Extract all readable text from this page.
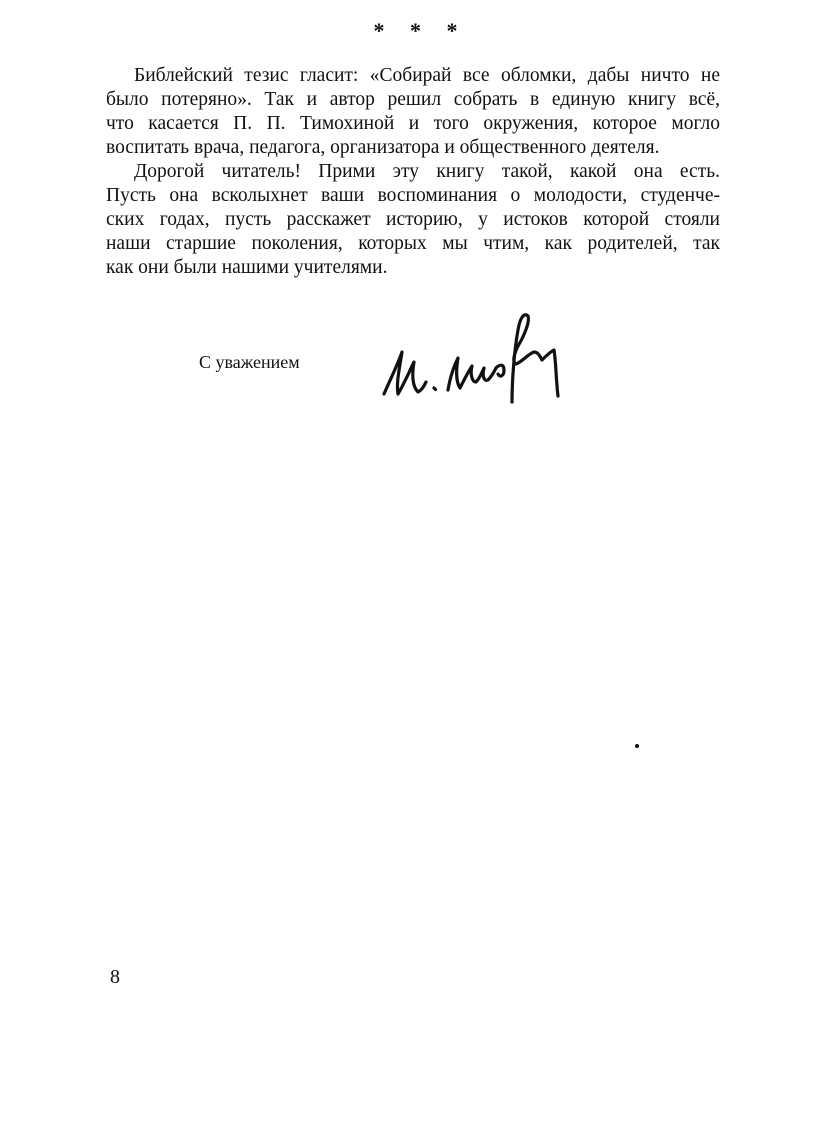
* * *

Библейский тезис гласит: «Собирай все обломки, дабы ничто не
было потеряно». Так и автор решил собрать в единую книгу всё,
что касается П. П. Тимохиной и того окружения, которое могло
воспитать врача, педагога, организатора и общественного деятеля.

Дорогой читатель! Прими эту книгу такой, какой она есть.
Пусть она всколыхнет ваши воспоминания о молодости, студенче-
ских годах, пусть расскажет историю, у истоков которой стояли
наши старшие поколения, которых мы чтим, как родителей, так
как они были нашими учителями.

С уважением
8
